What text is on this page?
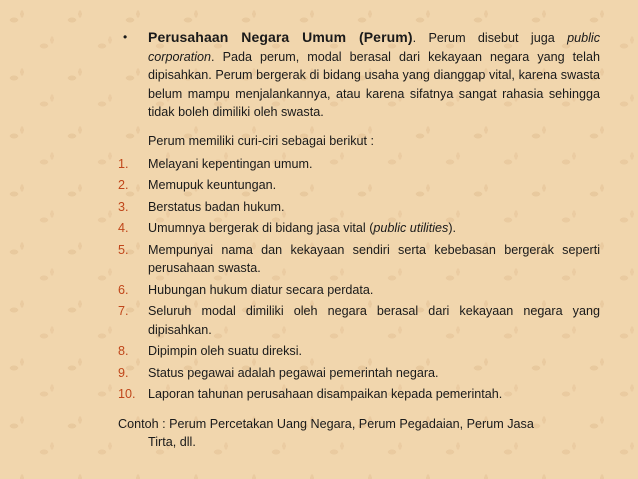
• Perusahaan Negara Umum (Perum). Perum disebut juga public corporation. Pada perum, modal berasal dari kekayaan negara yang telah dipisahkan. Perum bergerak di bidang usaha yang dianggap vital, karena swasta belum mampu menjalankannya, atau karena sifatnya sangat rahasia sehingga tidak boleh dimiliki oleh swasta.
Perum memiliki curi-ciri sebagai berikut :
1. Melayani kepentingan umum.
2. Memupuk keuntungan.
3. Berstatus badan hukum.
4. Umumnya bergerak di bidang jasa vital (public utilities).
5. Mempunyai nama dan kekayaan sendiri serta kebebasan bergerak seperti perusahaan swasta.
6. Hubungan hukum diatur secara perdata.
7. Seluruh modal dimiliki oleh negara berasal dari kekayaan negara yang dipisahkan.
8. Dipimpin oleh suatu direksi.
9. Status pegawai adalah pegawai pemerintah negara.
10. Laporan tahunan perusahaan disampaikan kepada pemerintah.
Contoh : Perum Percetakan Uang Negara, Perum Pegadaian, Perum Jasa
Tirta, dll.
